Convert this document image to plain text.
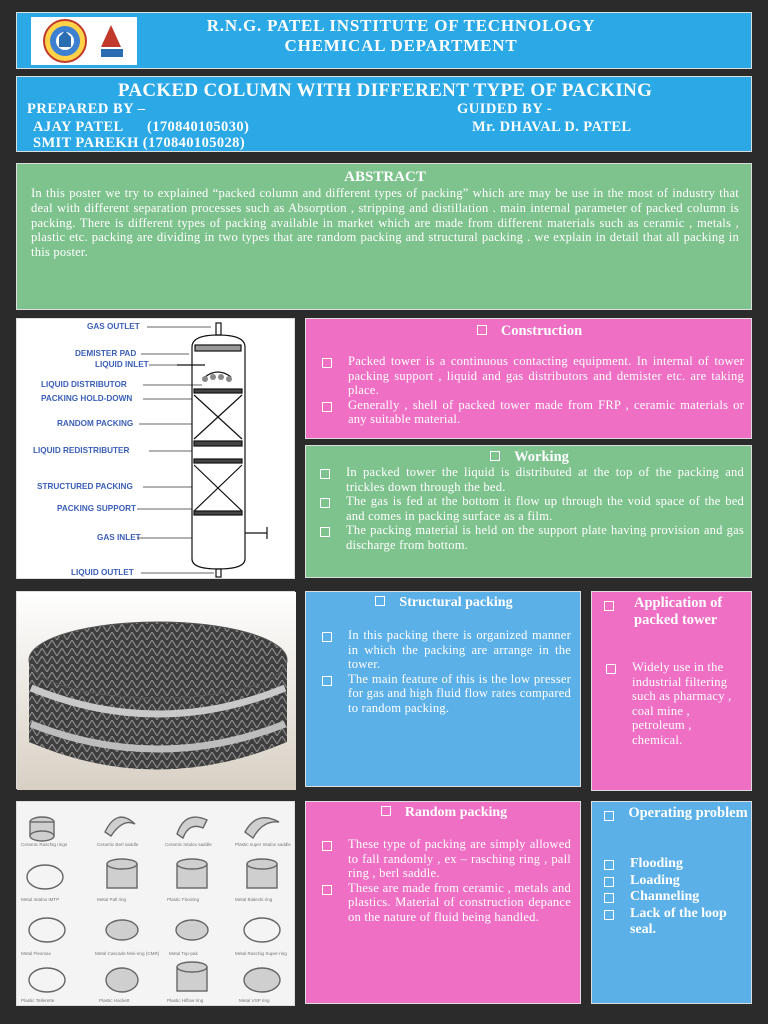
R.N.G. PATEL INSTITUTE OF TECHNOLOGY
CHEMICAL DEPARTMENT
PACKED COLUMN WITH DIFFERENT TYPE OF PACKING
PREPARED BY –	GUIDED BY -
AJAY PATEL      (170840105030)	Mr. DHAVAL D. PATEL
SMIT PAREKH (170840105028)
ABSTRACT
In this poster we try to explained “packed column and different types of packing” which are may be use in the most of industry that deal with different separation processes such as Absorption , stripping and distillation . main internal parameter of packed column is packing. There is different types of packing available in market which are made from different materials such as ceramic , metals , plastic etc. packing are dividing in two types that are random packing and structural packing . we explain in detail that all packing in this poster.
GAS OUTLET
DEMISTER PAD
LIQUID INLET
LIQUID DISTRIBUTOR
PACKING HOLD-DOWN
RANDOM PACKING
LIQUID REDISTRIBUTER
STRUCTURED PACKING
PACKING SUPPORT
GAS INLET
LIQUID OUTLET
Construction
Packed tower is a continuous contacting equipment. In internal of tower packing support , liquid and gas distributors and demister etc. are taking place.
Generally , shell of packed tower made from FRP , ceramic materials or any suitable material.
Working
In packed tower the liquid is distributed at the top of the packing and trickles down through the bed.
The gas is fed at the bottom it flow up through the void space of the bed and comes in packing surface as a film.
The packing material is held on the support plate having provision and gas discharge from bottom.
Structural packing
In this packing there is organized manner in which the packing are arrange in the tower.
The main feature of this is the low presser for gas and high fluid flow rates compared to random packing.
Application of packed tower
Widely use in the industrial filtering such as pharmacy , coal mine , petroleum , chemical.
Ceramic Raschig rings	Ceramic Berl saddle	Ceramic Intalox saddle	Plastic super Intalox saddle
Metal Intalox IMTP	Metal Pall ring	Plastic Flexiring	Metal Bialecki ring
Metal Flexmax	Metal Cascade Mini-ring (CMR) Metal Top-pak	Metal Raschig Super-ring
Plastic Tellerette	Plastic Hackett	Plastic Hiflow ring	Metal VSP ring
Random packing
These type of packing are simply allowed to fall randomly , ex – rasching ring , pall ring , berl saddle.
These are made from ceramic , metals and plastics. Material of construction depance on the nature of fluid being handled.
Operating problem
Flooding
Loading
Channeling
Lack of the loop seal.
